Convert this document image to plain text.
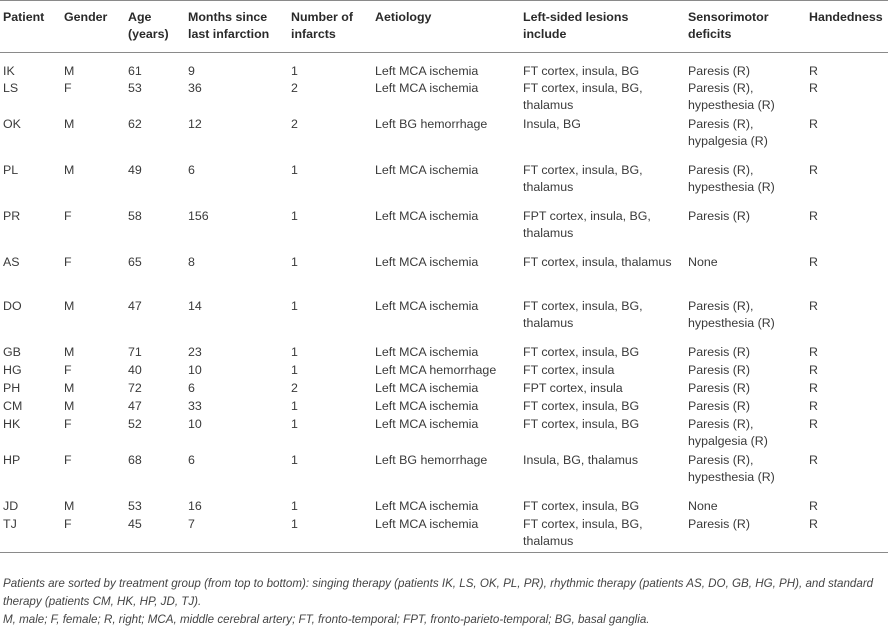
Patient	Gender	Age (years)	Months since last infarction	Number of infarcts	Aetiology	Left-sided lesions include	Sensorimotor deficits	Handedness
IK	M	61	9	1	Left MCA ischemia	FT cortex, insula, BG	Paresis (R)	R
LS	F	53	36	2	Left MCA ischemia	FT cortex, insula, BG, thalamus	Paresis (R), hypesthesia (R)	R
OK	M	62	12	2	Left BG hemorrhage	Insula, BG	Paresis (R), hypalgesia (R)	R
PL	M	49	6	1	Left MCA ischemia	FT cortex, insula, BG, thalamus	Paresis (R), hypesthesia (R)	R
PR	F	58	156	1	Left MCA ischemia	FPT cortex, insula, BG, thalamus	Paresis (R)	R
AS	F	65	8	1	Left MCA ischemia	FT cortex, insula, thalamus	None	R
DO	M	47	14	1	Left MCA ischemia	FT cortex, insula, BG, thalamus	Paresis (R), hypesthesia (R)	R
GB	M	71	23	1	Left MCA ischemia	FT cortex, insula, BG	Paresis (R)	R
HG	F	40	10	1	Left MCA hemorrhage	FT cortex, insula	Paresis (R)	R
PH	M	72	6	2	Left MCA ischemia	FPT cortex, insula	Paresis (R)	R
CM	M	47	33	1	Left MCA ischemia	FT cortex, insula, BG	Paresis (R)	R
HK	F	52	10	1	Left MCA ischemia	FT cortex, insula, BG	Paresis (R), hypalgesia (R)	R
HP	F	68	6	1	Left BG hemorrhage	Insula, BG, thalamus	Paresis (R), hypesthesia (R)	R
JD	M	53	16	1	Left MCA ischemia	FT cortex, insula, BG	None	R
TJ	F	45	7	1	Left MCA ischemia	FT cortex, insula, BG, thalamus	Paresis (R)	R

Patients are sorted by treatment group (from top to bottom): singing therapy (patients IK, LS, OK, PL, PR), rhythmic therapy (patients AS, DO, GB, HG, PH), and standard therapy (patients CM, HK, HP, JD, TJ).

M, male; F, female; R, right; MCA, middle cerebral artery; FT, fronto-temporal; FPT, fronto-parieto-temporal; BG, basal ganglia.
